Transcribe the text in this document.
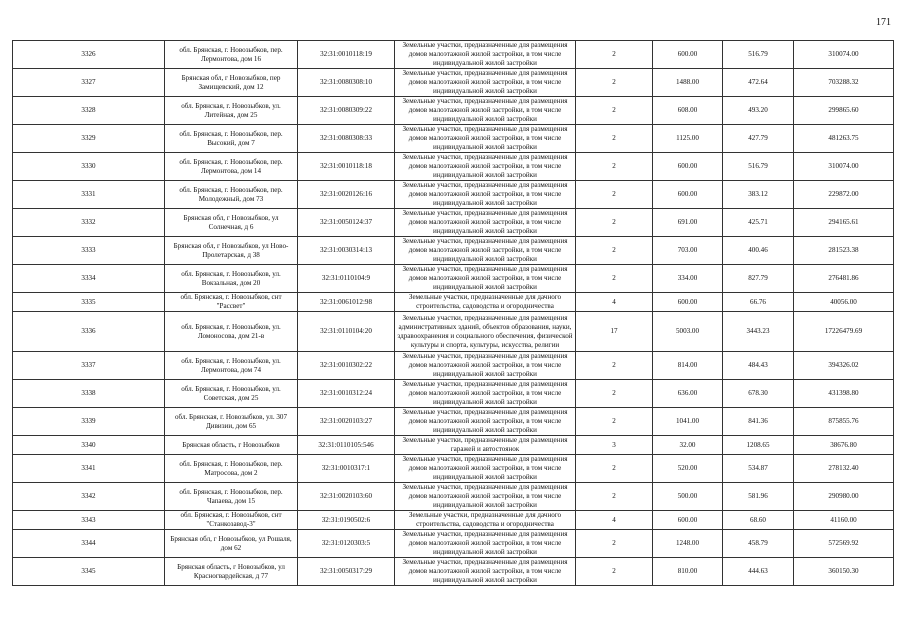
171
3326	обл. Брянская, г. Новозыбков, пер. Лермонтова, дом 16	32:31:0010118:19	Земельные участки, предназначенные для размещения домов малоэтажной жилой застройки, в том числе индивидуальной жилой застройки	2	600.00	516.79	310074.00
3327	Брянская обл, г Новозыбков, пер Замищевский, дом 12	32:31:0080308:10	Земельные участки, предназначенные для размещения домов малоэтажной жилой застройки, в том числе индивидуальной жилой застройки	2	1488.00	472.64	703288.32
3328	обл. Брянская, г. Новозыбков, ул. Литейная, дом 25	32:31:0080309:22	Земельные участки, предназначенные для размещения домов малоэтажной жилой застройки, в том числе индивидуальной жилой застройки	2	608.00	493.20	299865.60
3329	обл. Брянская, г. Новозыбков, пер. Высокий, дом 7	32:31:0080308:33	Земельные участки, предназначенные для размещения домов малоэтажной жилой застройки, в том числе индивидуальной жилой застройки	2	1125.00	427.79	481263.75
3330	обл. Брянская, г. Новозыбков, пер. Лермонтова, дом 14	32:31:0010118:18	Земельные участки, предназначенные для размещения домов малоэтажной жилой застройки, в том числе индивидуальной жилой застройки	2	600.00	516.79	310074.00
3331	обл. Брянская, г. Новозыбков, пер. Молодежный, дом 73	32:31:0020126:16	Земельные участки, предназначенные для размещения домов малоэтажной жилой застройки, в том числе индивидуальной жилой застройки	2	600.00	383.12	229872.00
3332	Брянская обл, г Новозыбков, ул Солнечная, д 6	32:31:0050124:37	Земельные участки, предназначенные для размещения домов малоэтажной жилой застройки, в том числе индивидуальной жилой застройки	2	691.00	425.71	294165.61
3333	Брянская обл, г Новозыбков, ул Ново-Пролетарская, д 38	32:31:0030314:13	Земельные участки, предназначенные для размещения домов малоэтажной жилой застройки, в том числе индивидуальной жилой застройки	2	703.00	400.46	281523.38
3334	обл. Брянская, г. Новозыбков, ул. Вокзальная, дом 20	32:31:0110104:9	Земельные участки, предназначенные для размещения домов малоэтажной жилой застройки, в том числе индивидуальной жилой застройки	2	334.00	827.79	276481.86
3335	обл. Брянская, г. Новозыбков, снт "Рассвет"	32:31:0061012:98	Земельные участки, предназначенные для дачного строительства, садоводства и огородничества	4	600.00	66.76	40056.00
3336	обл. Брянская, г. Новозыбков, ул. Ломоносова, дом 21-в	32:31:0110104:20	Земельные участки, предназначенные для размещения административных зданий, объектов образования, науки, здравоохранения и социального обеспечения, физической культуры и спорта, культуры, искусства, религии	17	5003.00	3443.23	17226479.69
3337	обл. Брянская, г. Новозыбков, ул. Лермонтова, дом 74	32:31:0010302:22	Земельные участки, предназначенные для размещения домов малоэтажной жилой застройки, в том числе индивидуальной жилой застройки	2	814.00	484.43	394326.02
3338	обл. Брянская, г. Новозыбков, ул. Советская, дом 25	32:31:0010312:24	Земельные участки, предназначенные для размещения домов малоэтажной жилой застройки, в том числе индивидуальной жилой застройки	2	636.00	678.30	431398.80
3339	обл. Брянская, г. Новозыбков, ул. 307 Дивизии, дом 65	32:31:0020103:27	Земельные участки, предназначенные для размещения домов малоэтажной жилой застройки, в том числе индивидуальной жилой застройки	2	1041.00	841.36	875855.76
3340	Брянская область, г Новозыбков	32:31:0110105:546	Земельные участки, предназначенные для размещения гаражей и автостоянок	3	32.00	1208.65	38676.80
3341	обл. Брянская, г. Новозыбков, пер. Матросова, дом 2	32:31:0010317:1	Земельные участки, предназначенные для размещения домов малоэтажной жилой застройки, в том числе индивидуальной жилой застройки	2	520.00	534.87	278132.40
3342	обл. Брянская, г. Новозыбков, пер. Чапаева, дом 15	32:31:0020103:60	Земельные участки, предназначенные для размещения домов малоэтажной жилой застройки, в том числе индивидуальной жилой застройки	2	500.00	581.96	290980.00
3343	обл. Брянская, г. Новозыбков, снт "Станкозавод-3"	32:31:0190502:6	Земельные участки, предназначенные для дачного строительства, садоводства и огородничества	4	600.00	68.60	41160.00
3344	Брянская обл, г Новозыбков, ул Рошаля, дом 62	32:31:0120303:5	Земельные участки, предназначенные для размещения домов малоэтажной жилой застройки, в том числе индивидуальной жилой застройки	2	1248.00	458.79	572569.92
3345	Брянская область, г Новозыбков, ул Красногвардейская, д 77	32:31:0050317:29	Земельные участки, предназначенные для размещения домов малоэтажной жилой застройки, в том числе индивидуальной жилой застройки	2	810.00	444.63	360150.30
